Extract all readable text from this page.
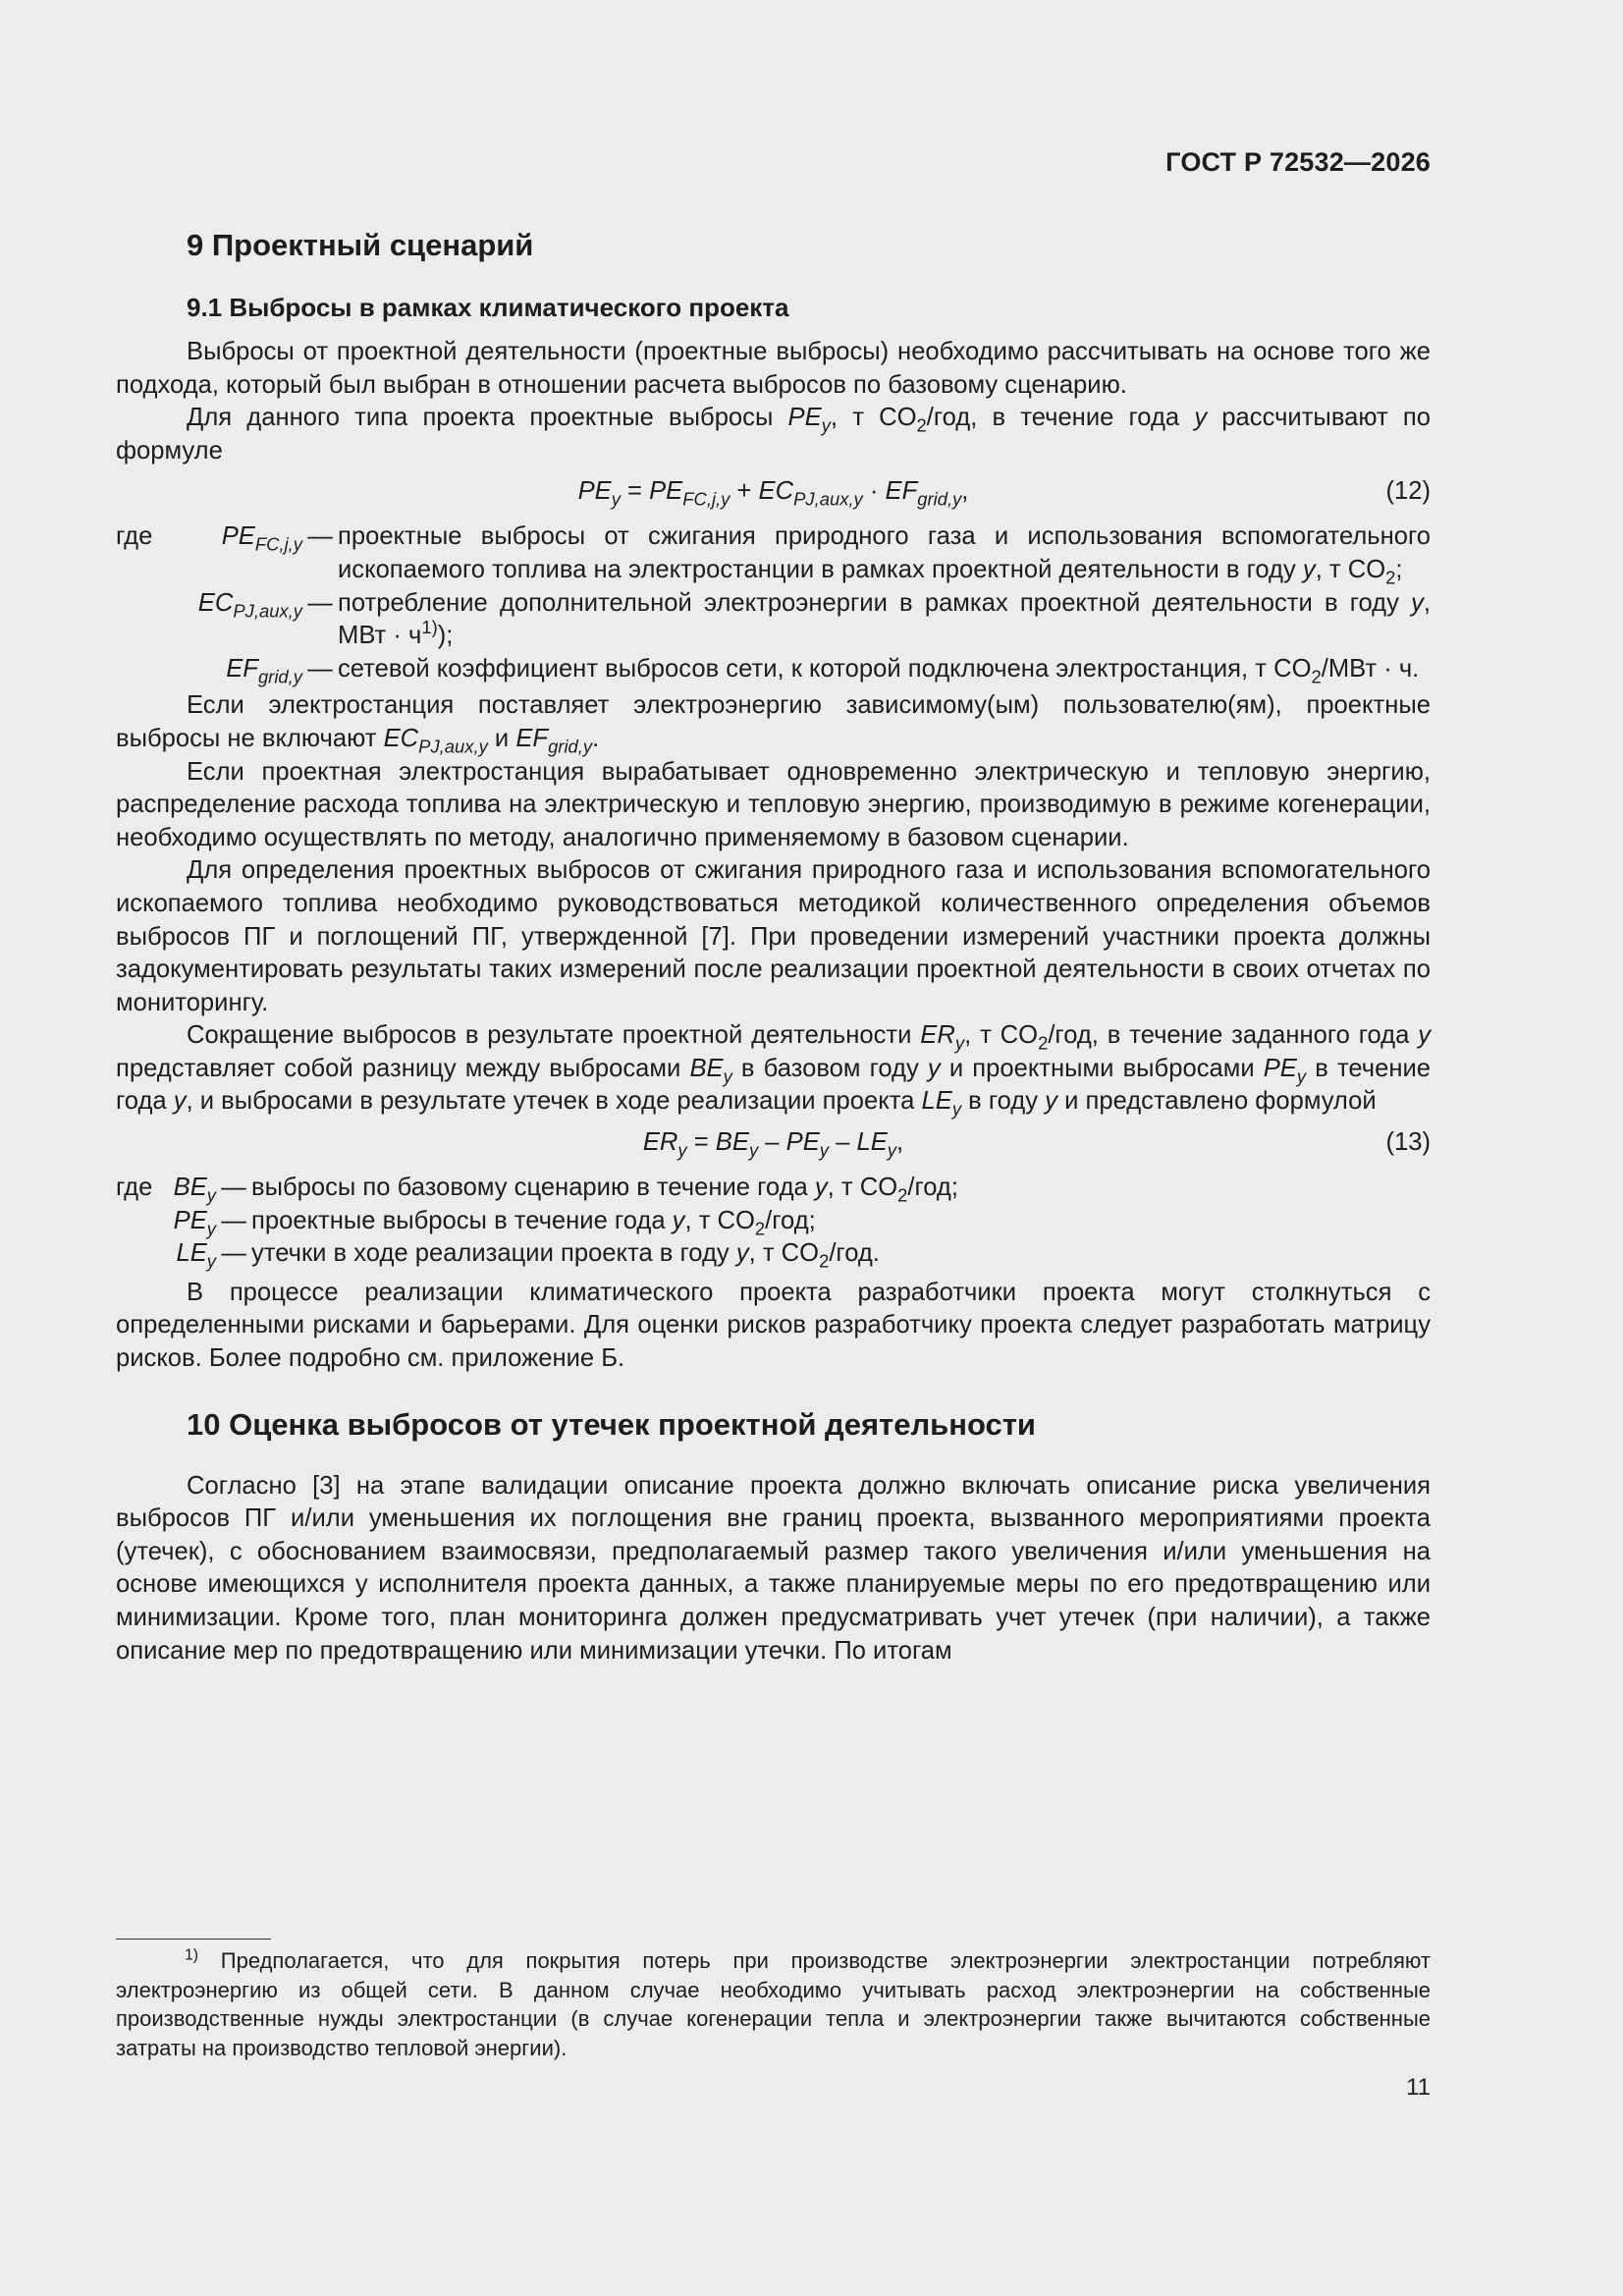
ГОСТ Р 72532—2026
9 Проектный сценарий
9.1 Выбросы в рамках климатического проекта

Выбросы от проектной деятельности (проектные выбросы) необходимо рассчитывать на основе того же подхода, который был выбран в отношении расчета выбросов по базовому сценарию.

Для данного типа проекта проектные выбросы $PE_y$, т $CO_2$/год, в течение года y рассчитывают по формуле

$PE_y = PE_{FC,j,y} + EC_{PJ,aux,y} \cdot EF_{grid,y}$,	(12)
где	$PE_{FC,j,y}$ — проектные выбросы от сжигания природного газа и использования вспомогательного ископаемого топлива на электростанции в рамках проектной деятельности в году y, т $CO_2$;
$EC_{PJ,aux,y}$ — потребление дополнительной электроэнергии в рамках проектной деятельности в году y, МВт · $ч^{1)}$);
$EF_{grid,y}$ — сетевой коэффициент выбросов сети, к которой подключена электростанция, т $CO_2$/МВт · ч.

Если электростанция поставляет электроэнергию зависимому(ым) пользователю(ям), проектные выбросы не включают $EC_{PJ,aux,y}$ и $EF_{grid,y}$.

Если проектная электростанция вырабатывает одновременно электрическую и тепловую энергию, распределение расхода топлива на электрическую и тепловую энергию, производимую в режиме когенерации, необходимо осуществлять по методу, аналогично применяемому в базовом сценарии.

Для определения проектных выбросов от сжигания природного газа и использования вспомогательного ископаемого топлива необходимо руководствоваться методикой количественного определения объемов выбросов ПГ и поглощений ПГ, утвержденной [7]. При проведении измерений участники проекта должны задокументировать результаты таких измерений после реализации проектной деятельности в своих отчетах по мониторингу.

Сокращение выбросов в результате проектной деятельности $ER_y$, т $CO_2$/год, в течение заданного года y представляет собой разницу между выбросами $BE_y$ в базовом году y и проектными выбросами $PE_y$ в течение года y, и выбросами в результате утечек в ходе реализации проекта $LE_y$ в году y и представлено формулой

$ER_y = BE_y - PE_y - LE_y$,	(13)
где $BE_y$ — выбросы по базовому сценарию в течение года y, т $CO_2$/год;
$PE_y$ — проектные выбросы в течение года y, т $CO_2$/год;
$LE_y$ — утечки в ходе реализации проекта в году y, т $CO_2$/год.

В процессе реализации климатического проекта разработчики проекта могут столкнуться с определенными рисками и барьерами. Для оценки рисков разработчику проекта следует разработать матрицу рисков. Более подробно см. приложение Б.

10 Оценка выбросов от утечек проектной деятельности

Согласно [3] на этапе валидации описание проекта должно включать описание риска увеличения выбросов ПГ и/или уменьшения их поглощения вне границ проекта, вызванного мероприятиями проекта (утечек), с обоснованием взаимосвязи, предполагаемый размер такого увеличения и/или уменьшения на основе имеющихся у исполнителя проекта данных, а также планируемые меры по его предотвращению или минимизации. Кроме того, план мониторинга должен предусматривать учет утечек (при наличии), а также описание мер по предотвращению или минимизации утечки. По итогам

$^{1)}$ Предполагается, что для покрытия потерь при производстве электроэнергии электростанции потребляют электроэнергию из общей сети. В данном случае необходимо учитывать расход электроэнергии на собственные производственные нужды электростанции (в случае когенерации тепла и электроэнергии также вычитаются собственные затраты на производство тепловой энергии).
11
